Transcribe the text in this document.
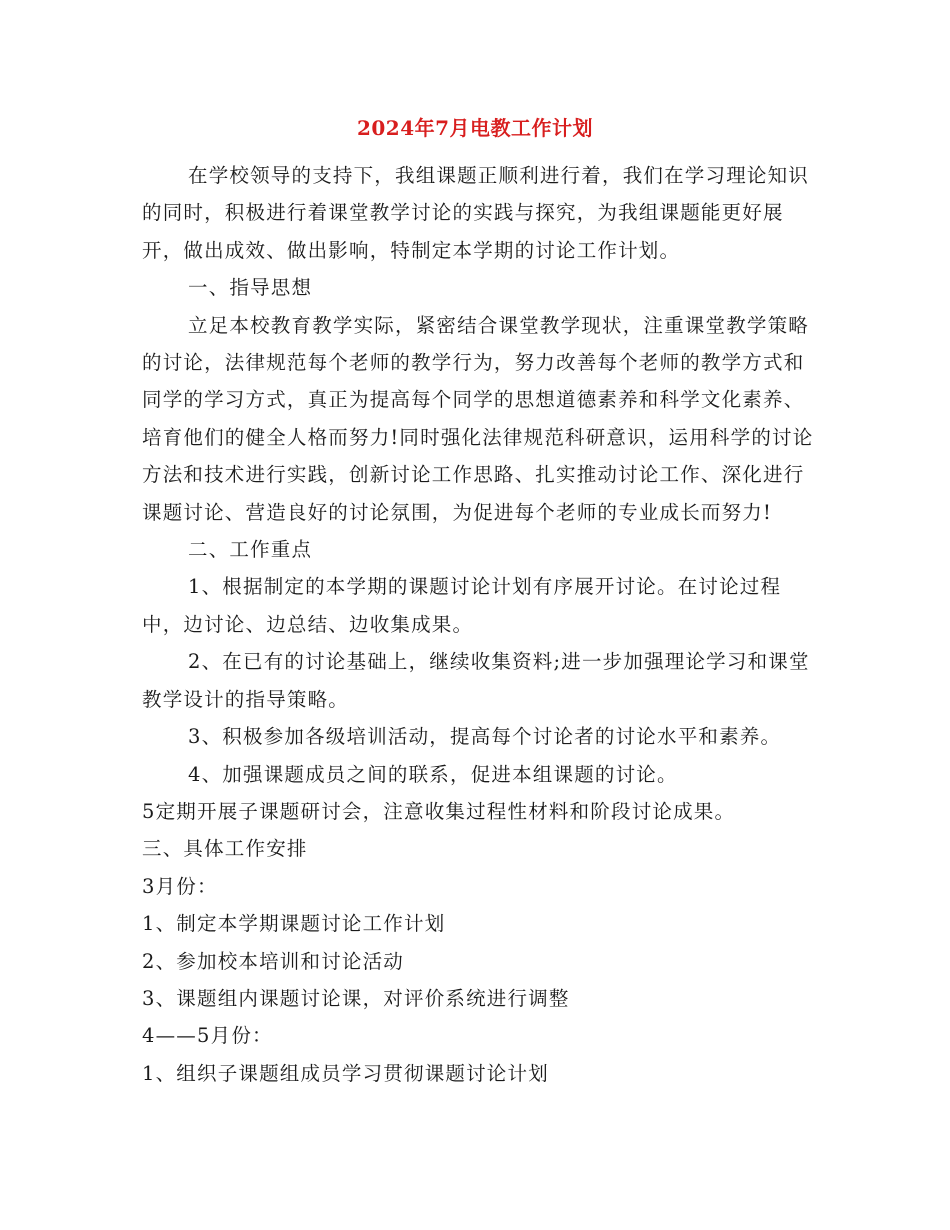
2024年7月电教工作计划

在学校领导的支持下，我组课题正顺利进行着，我们在学习理论知识的同时，积极进行着课堂教学讨论的实践与探究，为我组课题能更好展开，做出成效、做出影响，特制定本学期的讨论工作计划。

一、指导思想

立足本校教育教学实际，紧密结合课堂教学现状，注重课堂教学策略的讨论，法律规范每个老师的教学行为，努力改善每个老师的教学方式和同学的学习方式，真正为提高每个同学的思想道德素养和科学文化素养、培育他们的健全人格而努力!同时强化法律规范科研意识，运用科学的讨论方法和技术进行实践，创新讨论工作思路、扎实推动讨论工作、深化进行课题讨论、营造良好的讨论氛围，为促进每个老师的专业成长而努力!

二、工作重点

1、根据制定的本学期的课题讨论计划有序展开讨论。在讨论过程中，边讨论、边总结、边收集成果。

2、在已有的讨论基础上，继续收集资料;进一步加强理论学习和课堂教学设计的指导策略。

3、积极参加各级培训活动，提高每个讨论者的讨论水平和素养。

4、加强课题成员之间的联系，促进本组课题的讨论。

5定期开展子课题研讨会，注意收集过程性材料和阶段讨论成果。

三、具体工作安排

3月份：

1、制定本学期课题讨论工作计划

2、参加校本培训和讨论活动

3、课题组内课题讨论课，对评价系统进行调整

4——5月份：

1、组织子课题组成员学习贯彻课题讨论计划
